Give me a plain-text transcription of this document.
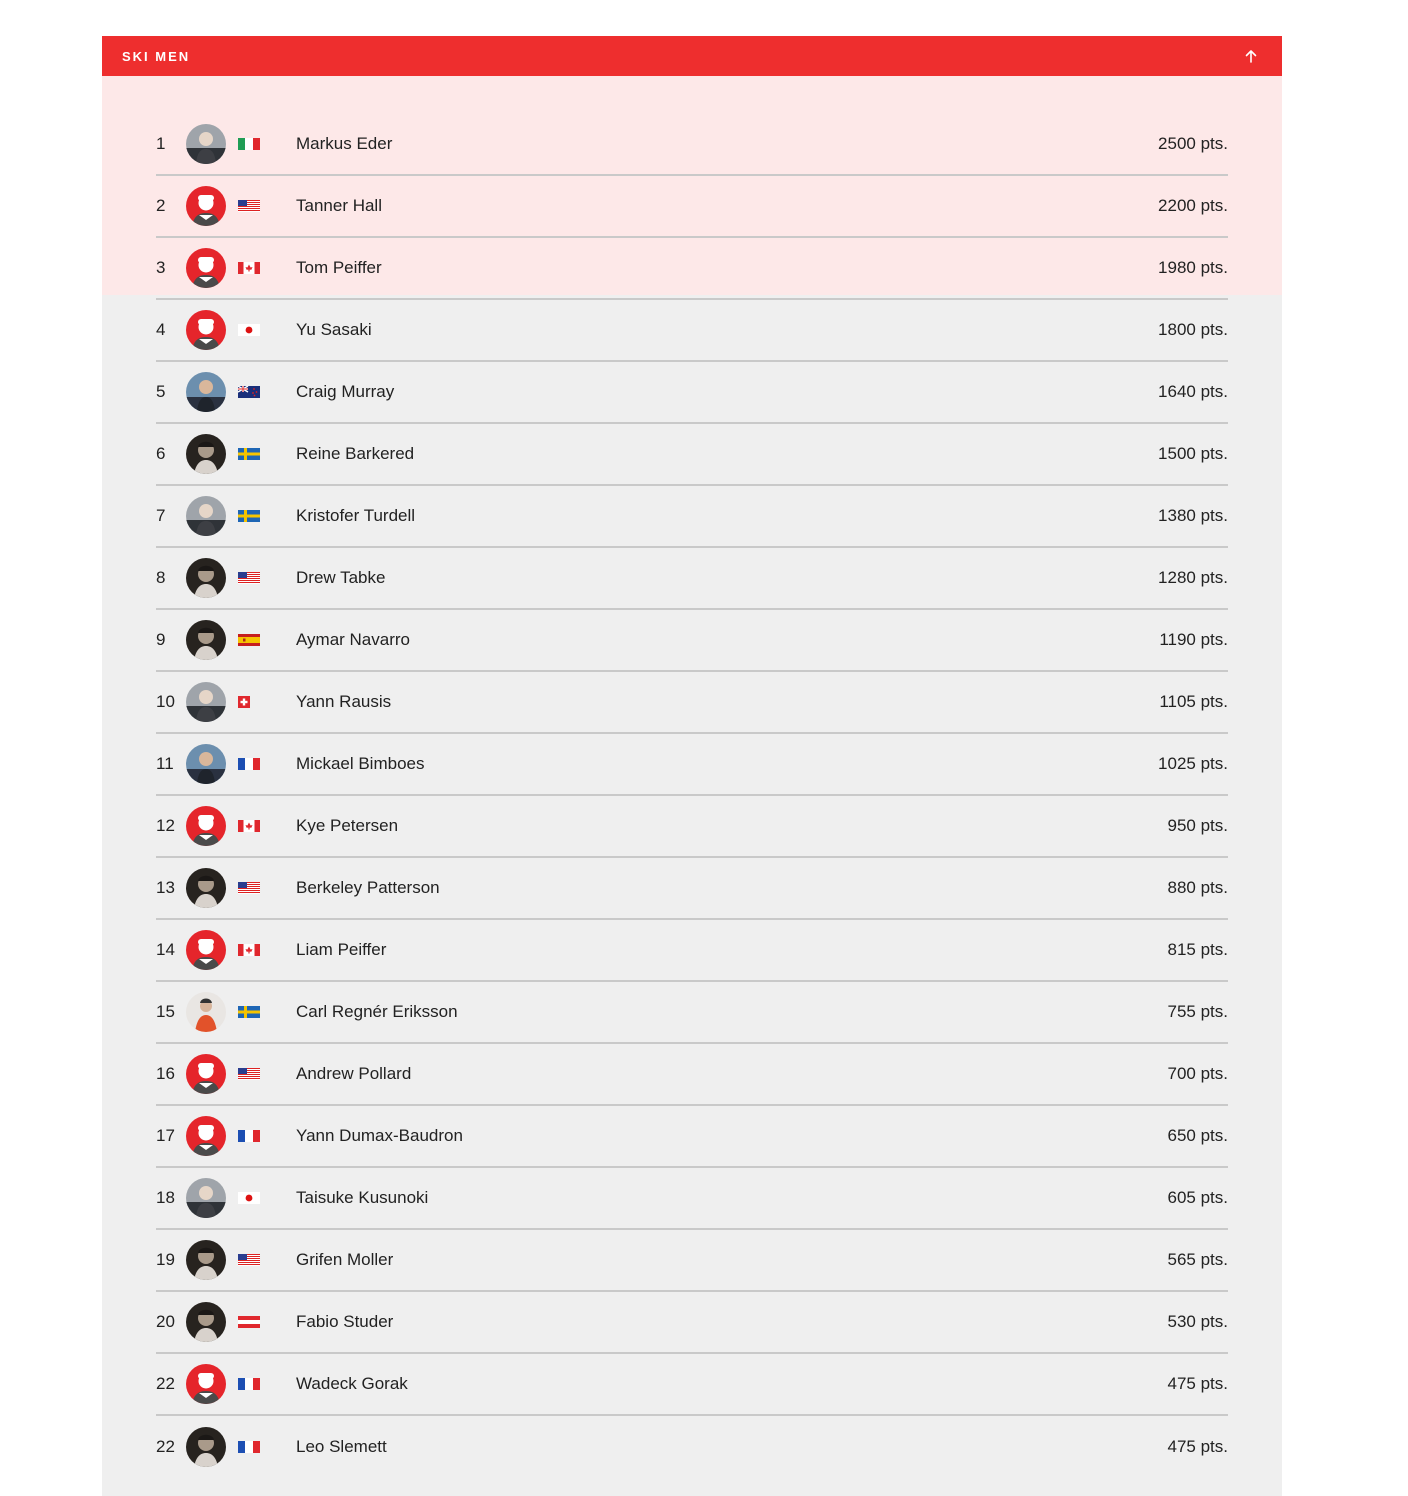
SKI MEN
1	Markus Eder	2500 pts.
2	Tanner Hall	2200 pts.
3	Tom Peiffer	1980 pts.
4	Yu Sasaki	1800 pts.
5	Craig Murray	1640 pts.
6	Reine Barkered	1500 pts.
7	Kristofer Turdell	1380 pts.
8	Drew Tabke	1280 pts.
9	Aymar Navarro	1190 pts.
10	Yann Rausis	1105 pts.
11	Mickael Bimboes	1025 pts.
12	Kye Petersen	950 pts.
13	Berkeley Patterson	880 pts.
14	Liam Peiffer	815 pts.
15	Carl Regnér Eriksson	755 pts.
16	Andrew Pollard	700 pts.
17	Yann Dumax-Baudron	650 pts.
18	Taisuke Kusunoki	605 pts.
19	Grifen Moller	565 pts.
20	Fabio Studer	530 pts.
22	Wadeck Gorak	475 pts.
22	Leo Slemett	475 pts.
